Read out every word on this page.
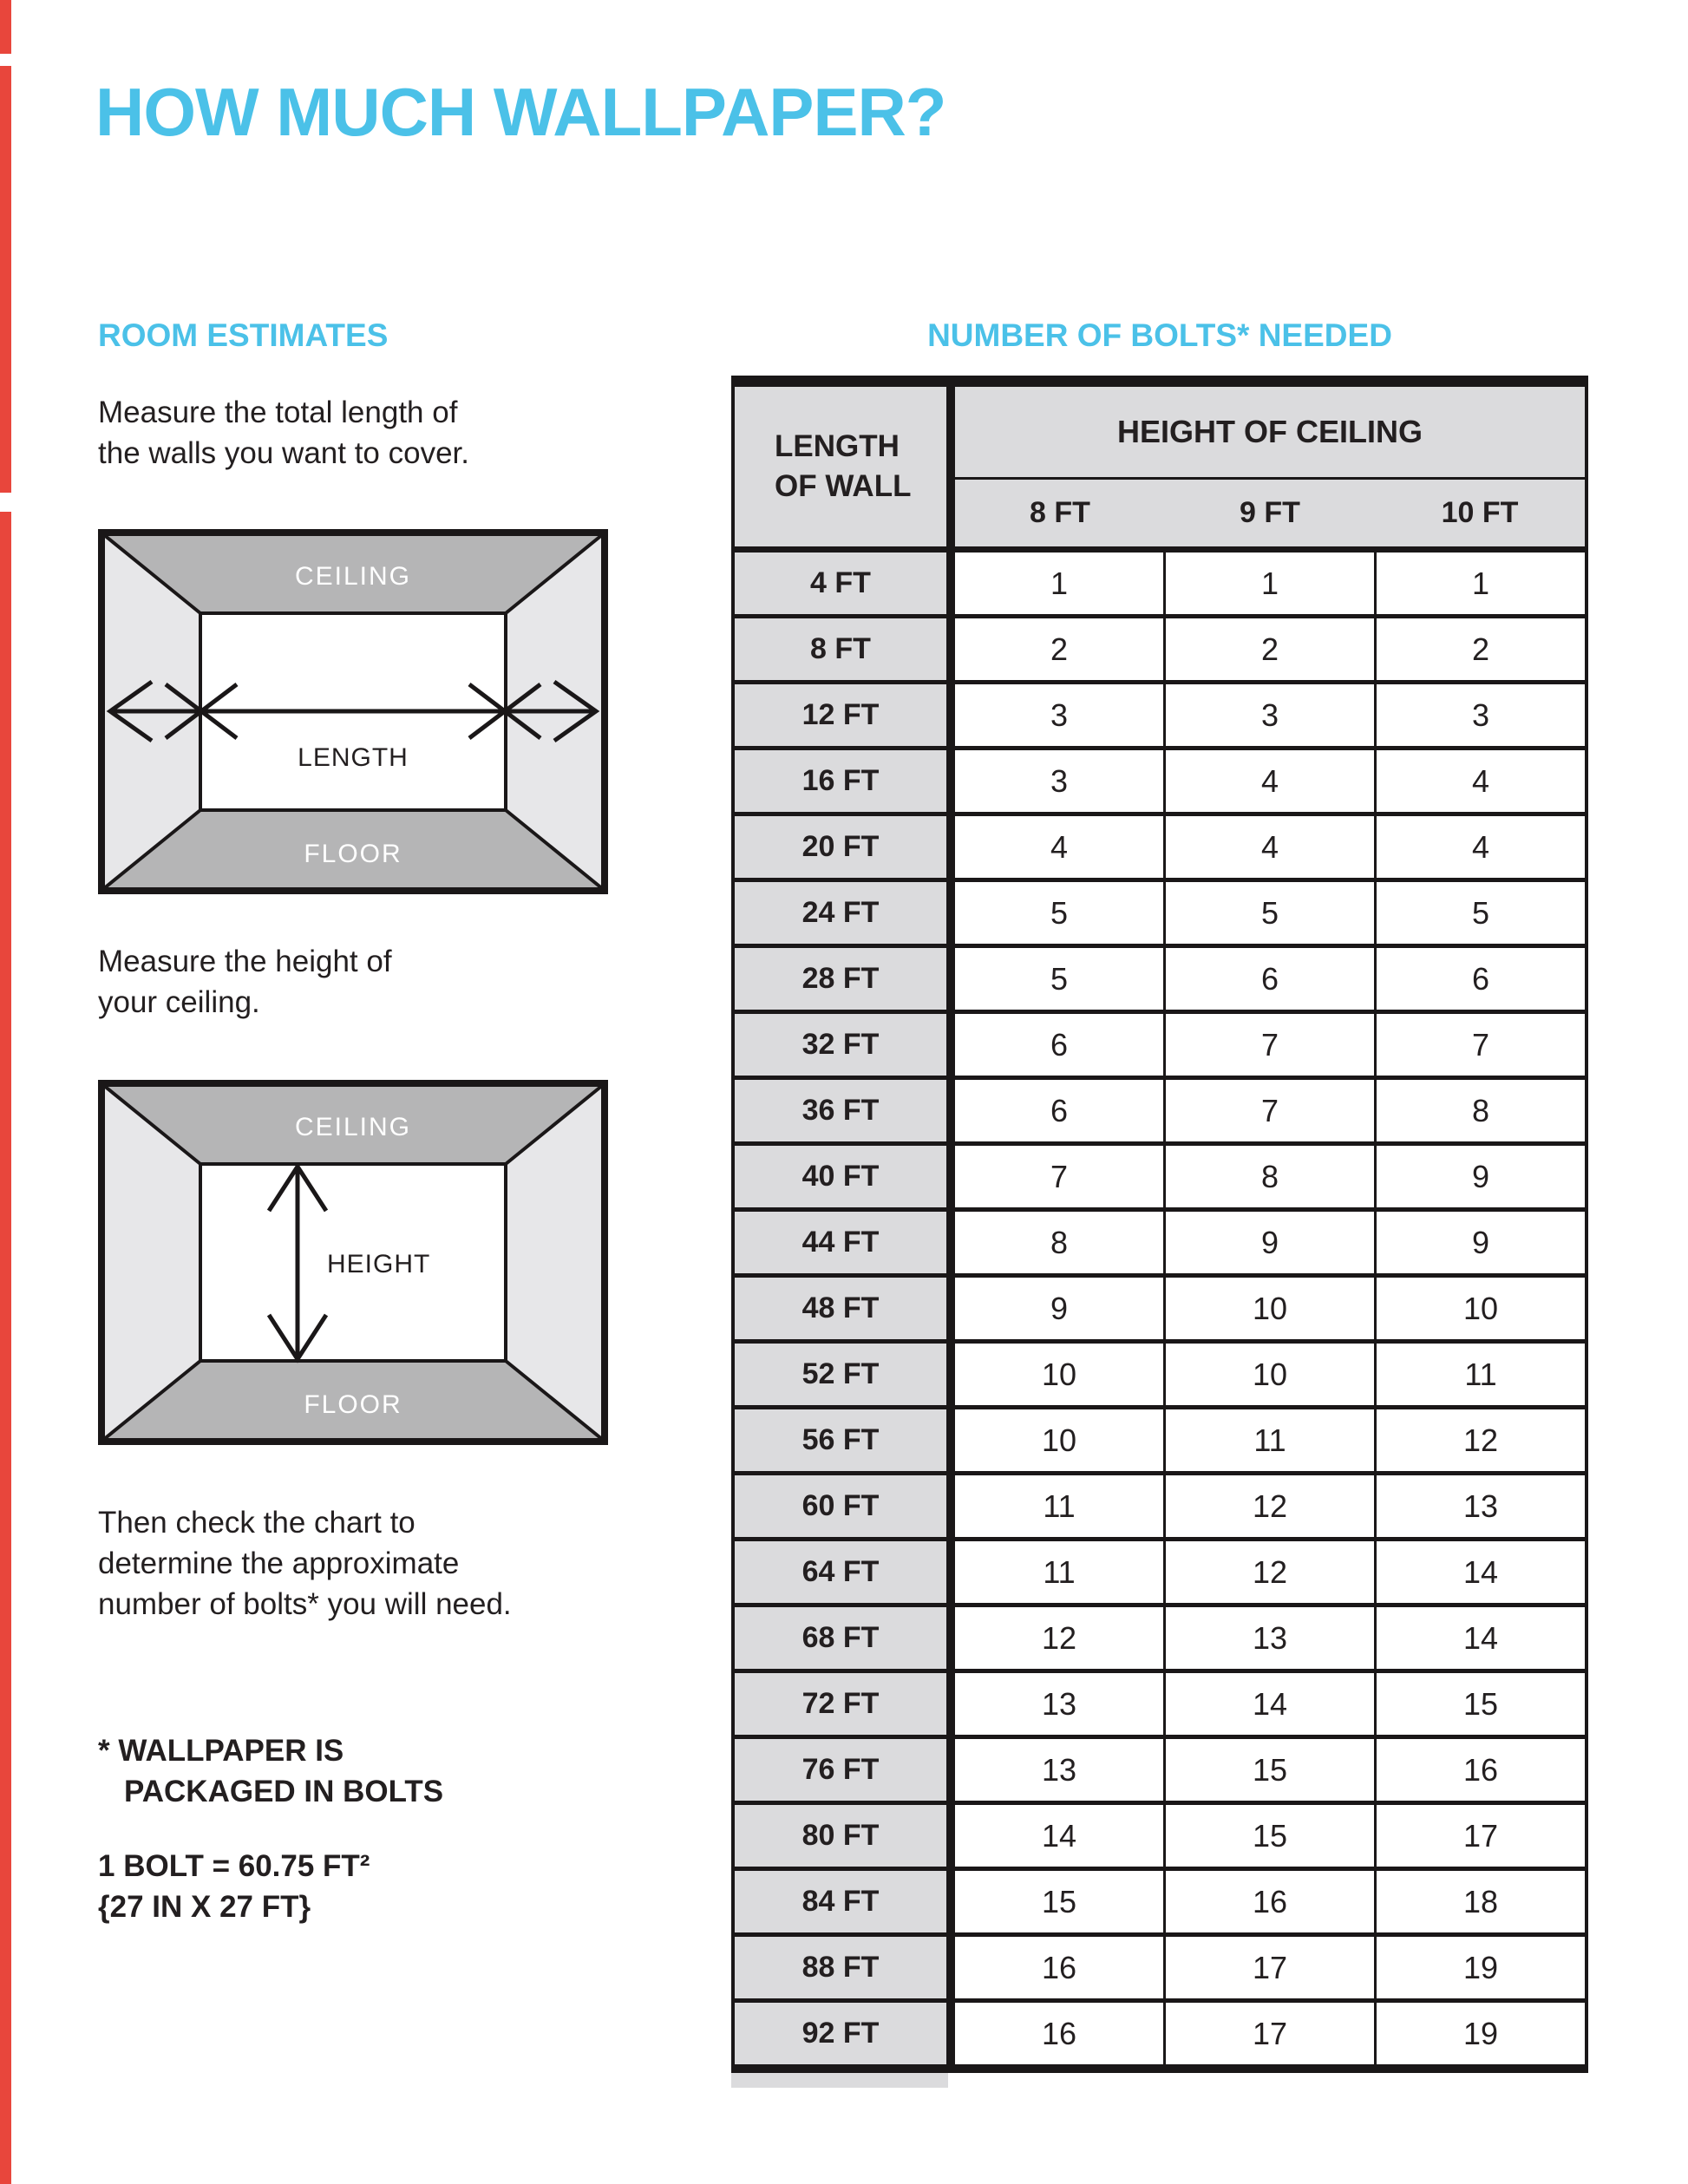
HOW MUCH WALLPAPER?
ROOM ESTIMATES	NUMBER OF BOLTS* NEEDED
Measure the total length of
the walls you want to cover.
CEILING
FLOOR
LENGTH
Measure the height of
your ceiling.
CEILING
FLOOR
HEIGHT
Then check the chart to
determine the approximate
number of bolts* you will need.
* WALLPAPER IS
PACKAGED IN BOLTS
1 BOLT = 60.75 FT²
{27 IN X 27 FT}
LENGTH
OF WALL
HEIGHT OF CEILING
8 FT	9 FT	10 FT
4 FT	1	1	1
8 FT	2	2	2
12 FT	3	3	3
16 FT	3	4	4
20 FT	4	4	4
24 FT	5	5	5
28 FT	5	6	6
32 FT	6	7	7
36 FT	6	7	8
40 FT	7	8	9
44 FT	8	9	9
48 FT	9	10	10
52 FT	10	10	11
56 FT	10	11	12
60 FT	11	12	13
64 FT	11	12	14
68 FT	12	13	14
72 FT	13	14	15
76 FT	13	15	16
80 FT	14	15	17
84 FT	15	16	18
88 FT	16	17	19
92 FT	16	17	19
